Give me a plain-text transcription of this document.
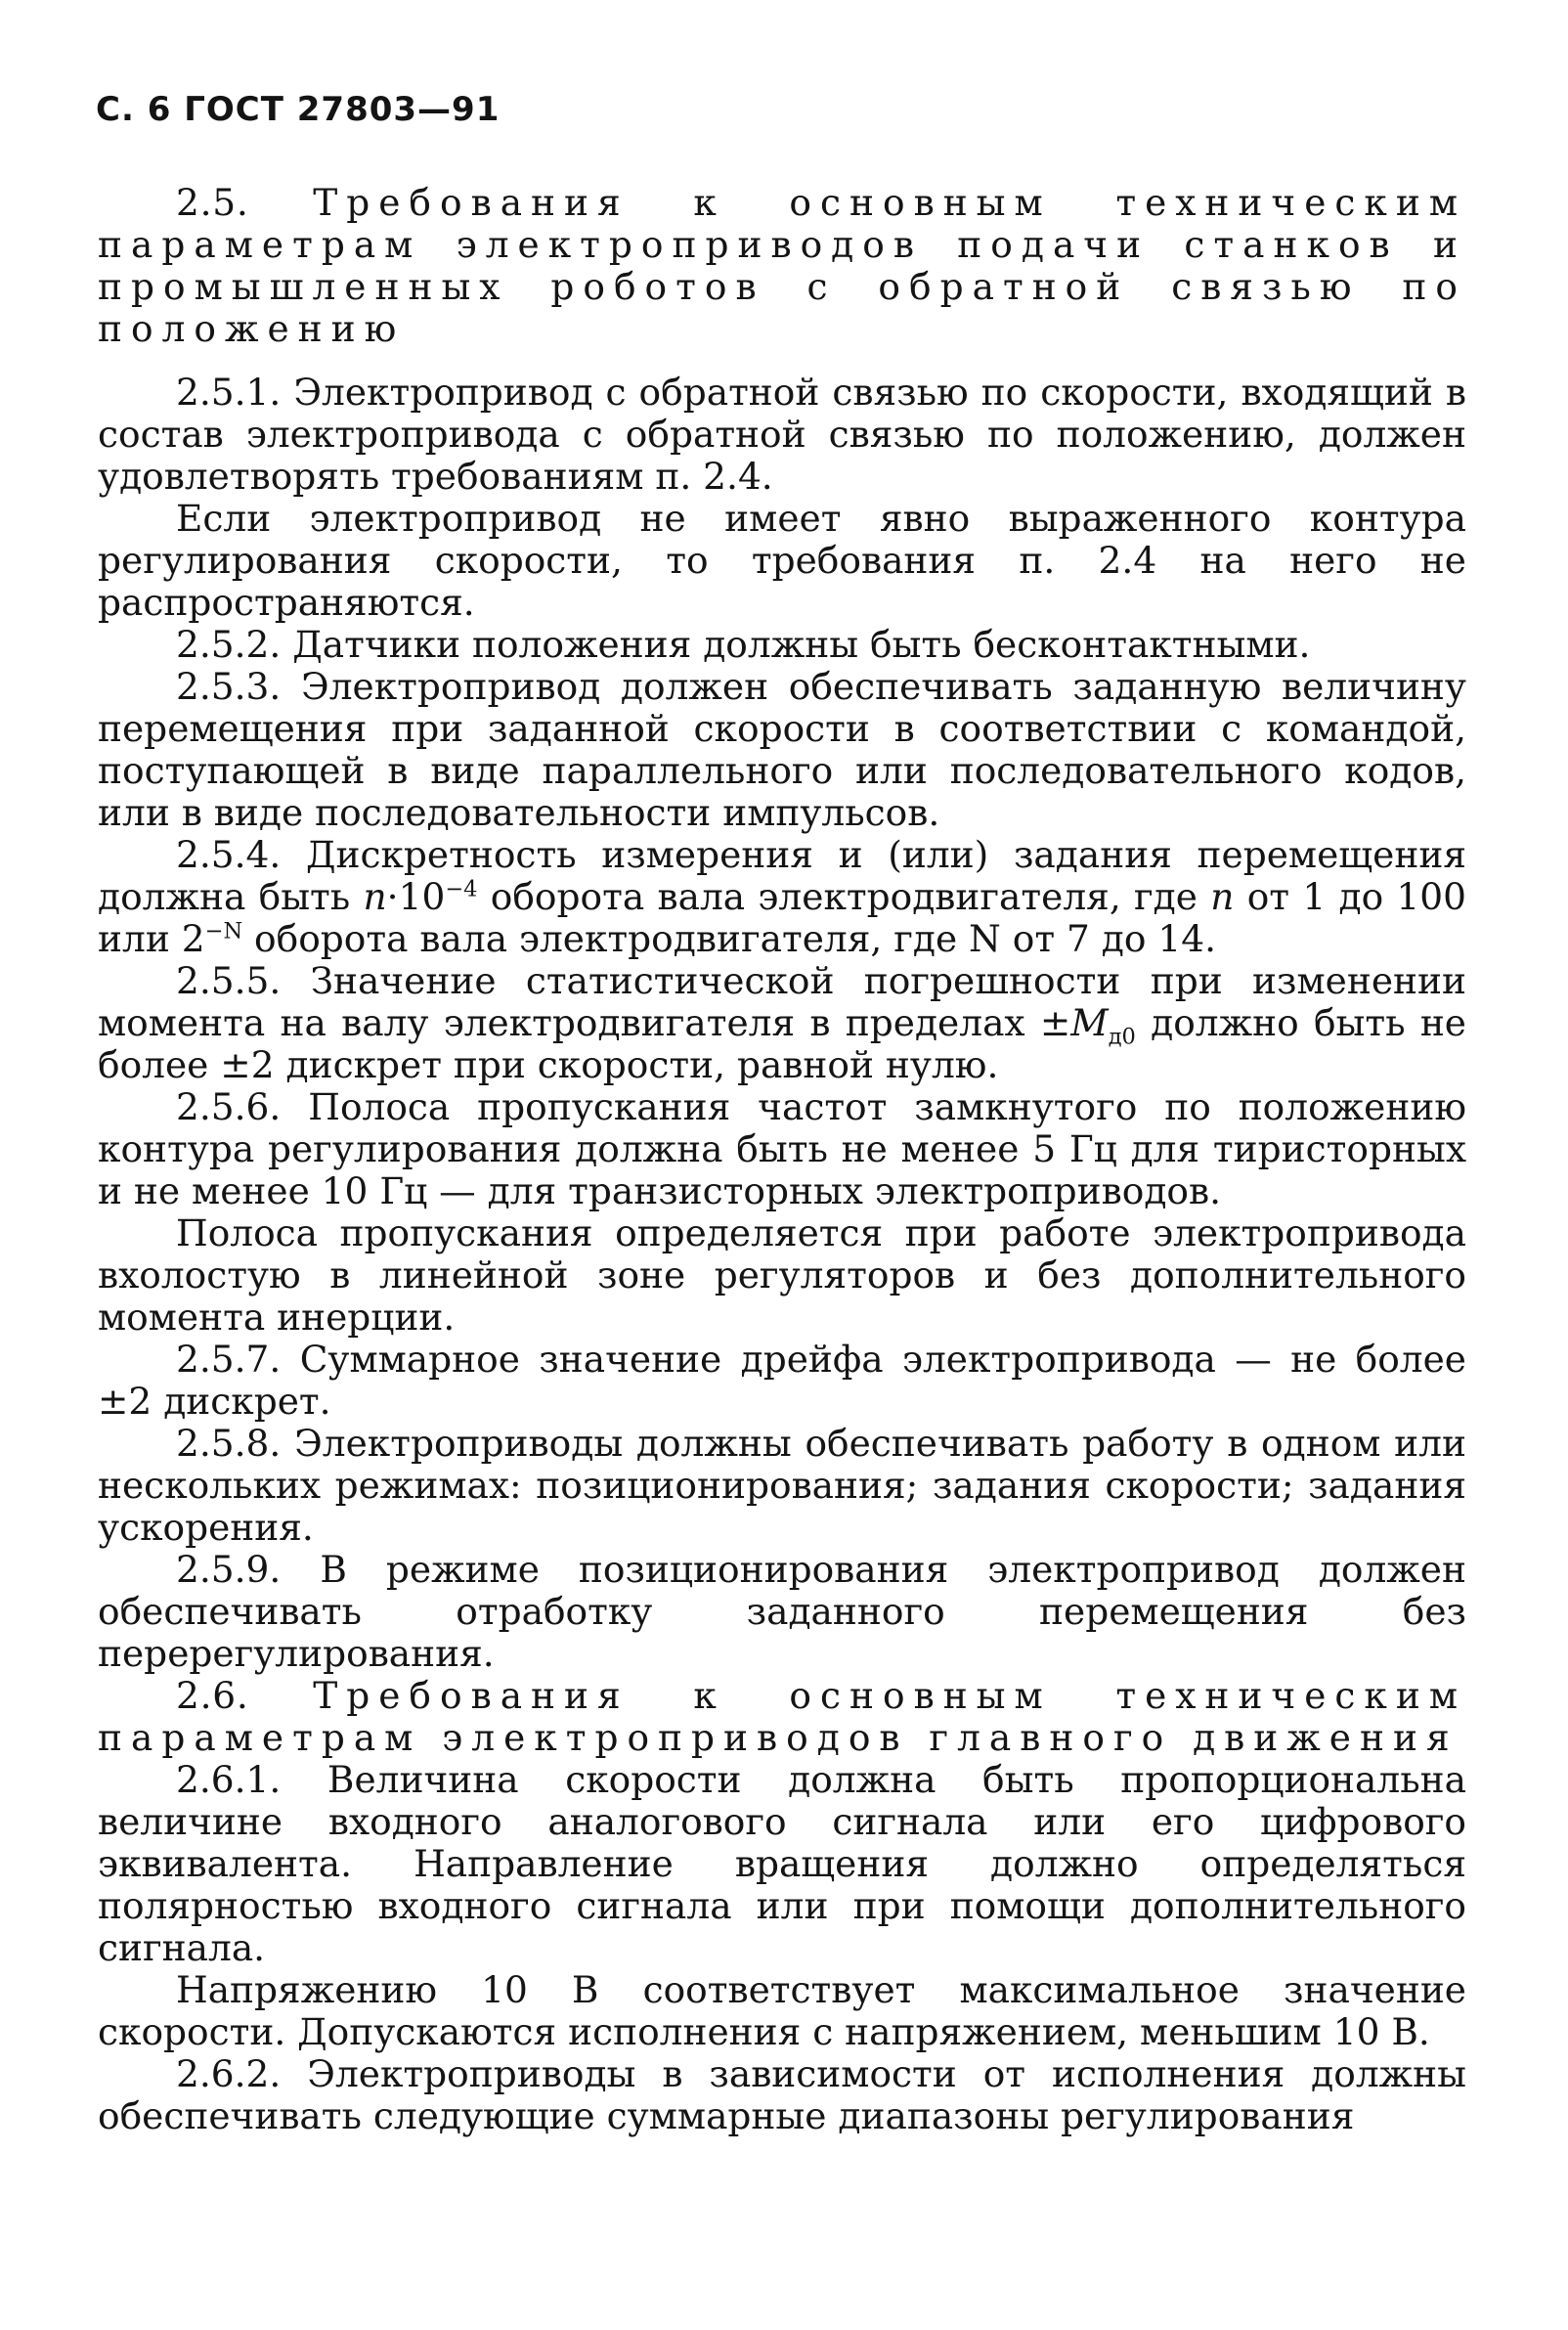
С. 6 ГОСТ 27803—91

2.5. Требования к основным техническим параметрам электроприводов подачи станков и промышленных роботов с обратной связью по положению

2.5.1. Электропривод с обратной связью по скорости, входящий в состав электропривода с обратной связью по положению, должен удовлетворять требованиям п. 2.4.

Если электропривод не имеет явно выраженного контура регулирования скорости, то требования п. 2.4 на него не распространяются.

2.5.2. Датчики положения должны быть бесконтактными.

2.5.3. Электропривод должен обеспечивать заданную величину перемещения при заданной скорости в соответствии с командой, поступающей в виде параллельного или последовательного кодов, или в виде последовательности импульсов.

2.5.4. Дискретность измерения и (или) задания перемещения должна быть $n\cdot 10^{-4}$ оборота вала электродвигателя, где n от 1 до 100 или $2^{-N}$ оборота вала электродвигателя, где N от 7 до 14.

2.5.5. Значение статистической погрешности при изменении момента на валу электродвигателя в пределах $\pm M_{д0}$ должно быть не более ±2 дискрет при скорости, равной нулю.

2.5.6. Полоса пропускания частот замкнутого по положению контура регулирования должна быть не менее 5 Гц для тиристорных и не менее 10 Гц — для транзисторных электроприводов.

Полоса пропускания определяется при работе электропривода вхолостую в линейной зоне регуляторов и без дополнительного момента инерции.

2.5.7. Суммарное значение дрейфа электропривода — не более ±2 дискрет.

2.5.8. Электроприводы должны обеспечивать работу в одном или нескольких режимах: позиционирования; задания скорости; задания ускорения.

2.5.9. В режиме позиционирования электропривод должен обеспечивать отработку заданного перемещения без перерегулирования.

2.6. Требования к основным техническим параметрам электроприводов главного движения

2.6.1. Величина скорости должна быть пропорциональна величине входного аналогового сигнала или его цифрового эквивалента. Направление вращения должно определяться полярностью входного сигнала или при помощи дополнительного сигнала.

Напряжению 10 В соответствует максимальное значение скорости. Допускаются исполнения с напряжением, меньшим 10 В.

2.6.2. Электроприводы в зависимости от исполнения должны обеспечивать следующие суммарные диапазоны регулирования
